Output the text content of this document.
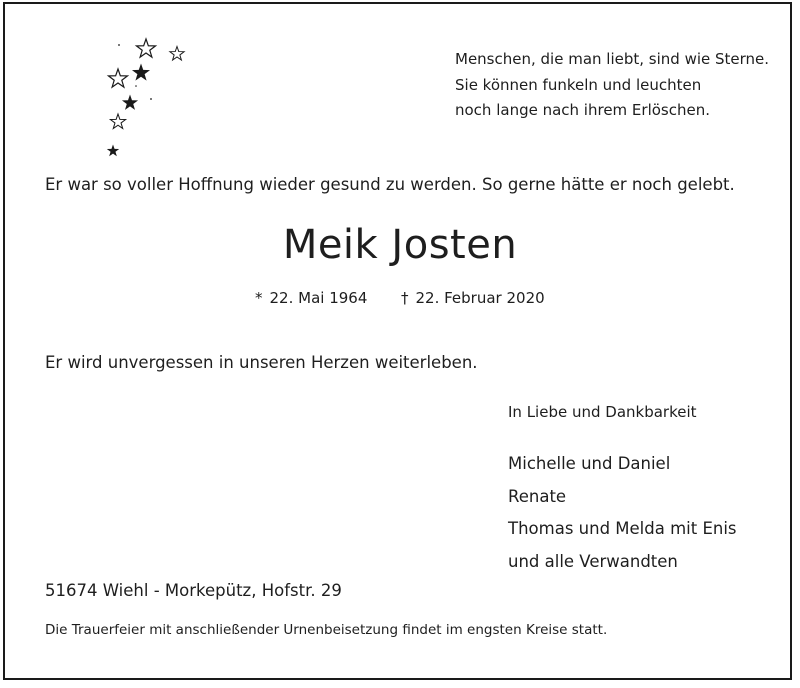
Menschen, die man liebt, sind wie Sterne.
Sie können funkeln und leuchten
noch lange nach ihrem Erlöschen.
Er war so voller Hoffnung wieder gesund zu werden. So gerne hätte er noch gelebt.
Meik Josten
* 22. Mai 1964 † 22. Februar 2020
Er wird unvergessen in unseren Herzen weiterleben.
In Liebe und Dankbarkeit
Michelle und Daniel
Renate
Thomas und Melda mit Enis
und alle Verwandten
51674 Wiehl - Morkepütz, Hofstr. 29
Die Trauerfeier mit anschließender Urnenbeisetzung findet im engsten Kreise statt.
